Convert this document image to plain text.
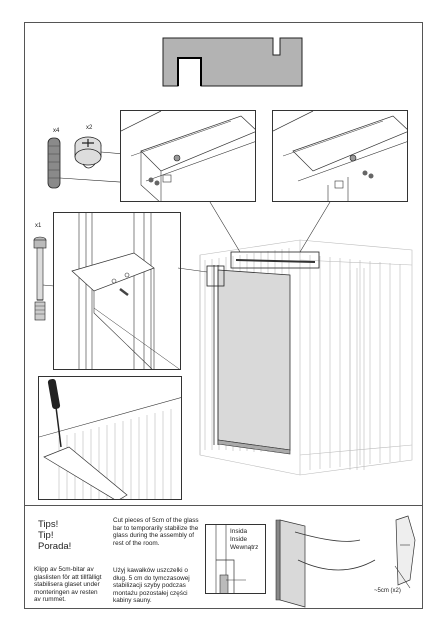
x4	x2
x1
Tips!
Tip!
Porada!

Klipp av 5cm-bitar av glaslisten för att tillfälligt stabilisera glaset under monteringen av resten av rummet.

Cut pieces of 5cm of the glass bar to temporarily stabilize the glass during the assembly of rest of the room.

Użyj kawałków uszczelki o dług. 5 cm do tymczasowej stabilizacji szyby podczas montażu pozostałej części kabiny sauny.

Insida
Inside
Wewnątrz
~5cm (x2)
